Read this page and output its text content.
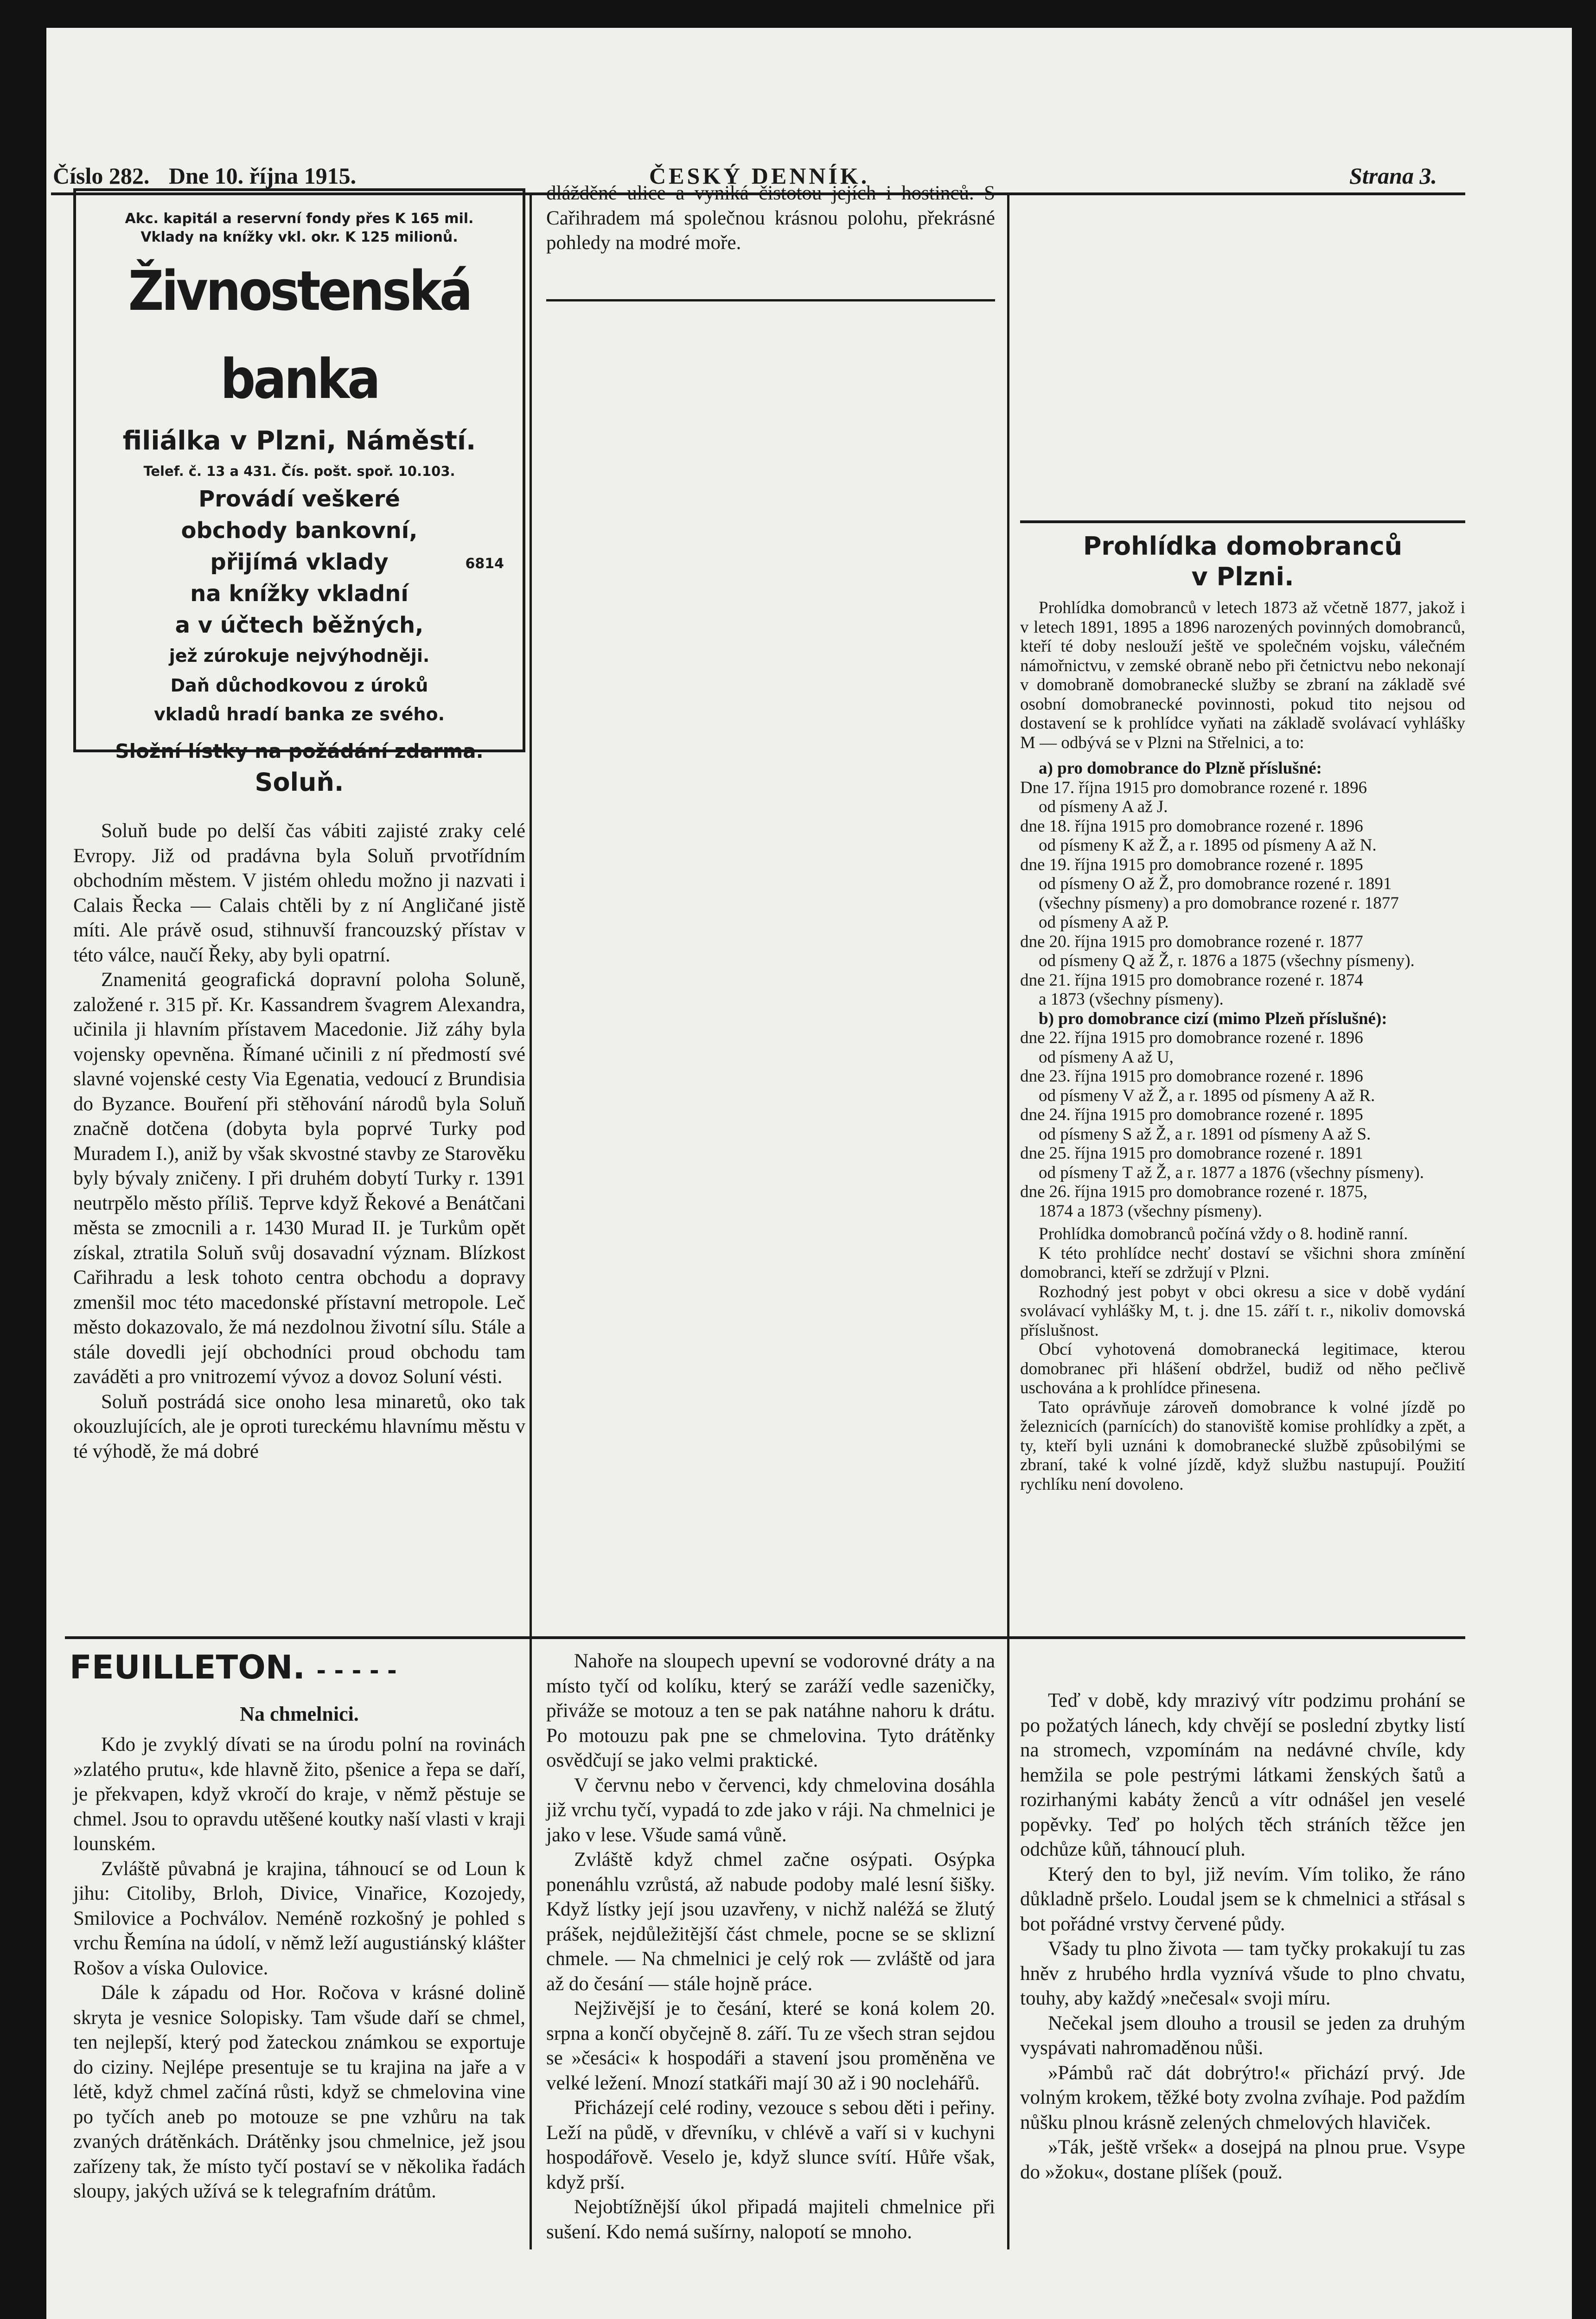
Číslo 282. Dne 10. října 1915.	ČESKÝ DENNÍK.	Strana 3.
Akc. kapitál a reservní fondy přes K 165 mil.
Vklady na knížky vkl. okr. K 125 milionů.
Živnostenská banka
filiálka v Plzni, Náměstí.
Telef. č. 13 a 431. Čís. pošt. spoř. 10.103.
Provádí veškeré
obchody bankovní,
přijímá vklady	6814
na knížky vkladní
a v účtech běžných,
jež zúrokuje nejvýhodněji.
Daň důchodkovou z úroků
vkladů hradí banka ze svého.
Složní lístky na požádání zdarma.
Soluň.

Soluň bude po delší čas vábiti zajisté zraky celé Evropy. Již od pradávna byla Soluň prvotřídním obchodním městem. V jistém ohledu možno ji nazvati i Calais Řecka — Calais chtěli by z ní Angličané jistě míti. Ale právě osud, stihnuvší francouzský přístav v této válce, naučí Řeky, aby byli opatrní.

Znamenitá geografická dopravní poloha Soluně, založené r. 315 př. Kr. Kassandrem švagrem Alexandra, učinila ji hlavním přístavem Macedonie. Již záhy byla vojensky opevněna. Římané učinili z ní předmostí své slavné vojenské cesty Via Egenatia, vedoucí z Brundisia do Byzance. Bouření při stěhování národů byla Soluň značně dotčena (dobyta byla poprvé Turky pod Muradem I.), aniž by však skvostné stavby ze Starověku byly bývaly zničeny. I při druhém dobytí Turky r. 1391 neutrpělo město příliš. Teprve když Řekové a Benátčani města se zmocnili a r. 1430 Murad II. je Turkům opět získal, ztratila Soluň svůj dosavadní význam. Blízkost Cařihradu a lesk tohoto centra obchodu a dopravy zmenšil moc této macedonské přístavní metropole. Leč město dokazovalo, že má nezdolnou životní sílu. Stále a stále dovedli její obchodníci proud obchodu tam zaváděti a pro vnitrozemí vývoz a dovoz Soluní vésti.

Soluň postrádá sice onoho lesa minaretů, oko tak okouzlujících, ale je oproti tureckému hlavnímu městu v té výhodě, že má dobré

dlážděné ulice a vyniká čistotou jejích i hostinců. S Cařihradem má společnou krásnou polohu, překrásné pohledy na modré moře.

Prohlídka domobranců
v Plzni.

Prohlídka domobranců v letech 1873 až včetně 1877, jakož i v letech 1891, 1895 a 1896 narozených povinných domobranců, kteří té doby neslouží ještě ve společném vojsku, válečném námořnictvu, v zemské obraně nebo při četnictvu nebo nekonají v domobraně domobranecké služby se zbraní na základě své osobní domobranecké povinnosti, pokud tito nejsou od dostavení se k prohlídce vyňati na základě svolávací vyhlášky M — odbývá se v Plzni na Střelnici, a to:

a) pro domobrance do Plzně příslušné:

Dne 17. října 1915 pro domobrance rozené r. 1896

od písmeny A až J.

dne 18. října 1915 pro domobrance rozené r. 1896

od písmeny K až Ž, a r. 1895 od písmeny A až N.

dne 19. října 1915 pro domobrance rozené r. 1895

od písmeny O až Ž, pro domobrance rozené r. 1891

(všechny písmeny) a pro domobrance rozené r. 1877

od písmeny A až P.

dne 20. října 1915 pro domobrance rozené r. 1877

od písmeny Q až Ž, r. 1876 a 1875 (všechny písmeny).

dne 21. října 1915 pro domobrance rozené r. 1874

a 1873 (všechny písmeny).

b) pro domobrance cizí (mimo Plzeň příslušné):

dne 22. října 1915 pro domobrance rozené r. 1896

od písmeny A až U,

dne 23. října 1915 pro domobrance rozené r. 1896

od písmeny V až Ž, a r. 1895 od písmeny A až R.

dne 24. října 1915 pro domobrance rozené r. 1895

od písmeny S až Ž, a r. 1891 od písmeny A až S.

dne 25. října 1915 pro domobrance rozené r. 1891

od písmeny T až Ž, a r. 1877 a 1876 (všechny písmeny).

dne 26. října 1915 pro domobrance rozené r. 1875,

1874 a 1873 (všechny písmeny).

Prohlídka domobranců počíná vždy o 8. hodině ranní.

K této prohlídce nechť dostaví se všichni shora zmínění domobranci, kteří se zdržují v Plzni.

Rozhodný jest pobyt v obci okresu a sice v době vydání svolávací vyhlášky M, t. j. dne 15. září t. r., nikoliv domovská příslušnost.

Obcí vyhotovená domobranecká legitimace, kterou domobranec při hlášení obdržel, budiž od něho pečlivě uschována a k prohlídce přinesena.

Tato oprávňuje zároveň domobrance k volné jízdě po železnicích (parnících) do stanoviště komise prohlídky a zpět, a ty, kteří byli uznáni k domobranecké službě způsobilými se zbraní, také k volné jízdě, když službu nastupují. Použití rychlíku není dovoleno.

FEUILLETON. - - - - -
Na chmelnici.

Kdo je zvyklý dívati se na úrodu polní na rovinách »zlatého prutu«, kde hlavně žito, pšenice a řepa se daří, je překvapen, když vkročí do kraje, v němž pěstuje se chmel. Jsou to opravdu utěšené koutky naší vlasti v kraji lounském.

Zvláště půvabná je krajina, táhnoucí se od Loun k jihu: Citoliby, Brloh, Divice, Vinařice, Kozojedy, Smilovice a Pochválov. Neméně rozkošný je pohled s vrchu Řemína na údolí, v němž leží augustiánský klášter Rošov a víska Oulovice.

Dále k západu od Hor. Ročova v krásné dolině skryta je vesnice Solopisky. Tam všude daří se chmel, ten nejlepší, který pod žateckou známkou se exportuje do ciziny. Nejlépe presentuje se tu krajina na jaře a v létě, když chmel začíná růsti, když se chmelovina vine po tyčích aneb po motouze se pne vzhůru na tak zvaných drátěnkách. Drátěnky jsou chmelnice, jež jsou zařízeny tak, že místo tyčí postaví se v několika řadách sloupy, jakých užívá se k telegrafním drátům.

Nahoře na sloupech upevní se vodorovné dráty a na místo tyčí od kolíku, který se zaráží vedle sazeničky, přiváže se motouz a ten se pak natáhne nahoru k drátu. Po motouzu pak pne se chmelovina. Tyto drátěnky osvědčují se jako velmi praktické.

V červnu nebo v červenci, kdy chmelovina dosáhla již vrchu tyčí, vypadá to zde jako v ráji. Na chmelnici je jako v lese. Všude samá vůně.

Zvláště když chmel začne osýpati. Osýpka ponenáhlu vzrůstá, až nabude podoby malé lesní šišky. Když lístky její jsou uzavřeny, v nichž naléžá se žlutý prášek, nejdůležitější část chmele, pocne se se sklizní chmele. — Na chmelnici je celý rok — zvláště od jara až do česání — stále hojně práce.

Nejživější je to česání, které se koná kolem 20. srpna a končí obyčejně 8. září. Tu ze všech stran sejdou se »česáci« k hospodáři a stavení jsou proměněna ve velké ležení. Mnozí statkáři mají 30 až i 90 noclehářů.

Přicházejí celé rodiny, vezouce s sebou děti i peřiny. Leží na půdě, v dřevníku, v chlévě a vaří si v kuchyni hospodářově. Veselo je, když slunce svítí. Hůře však, když prší.

Nejobtížnější úkol připadá majiteli chmelnice při sušení. Kdo nemá sušírny, nalopotí se mnoho.

Teď v době, kdy mrazivý vítr podzimu prohání se po požatých lánech, kdy chvějí se poslední zbytky listí na stromech, vzpomínám na nedávné chvíle, kdy hemžila se pole pestrými látkami ženských šatů a rozirhanými kabáty ženců a vítr odnášel jen veselé popěvky. Teď po holých těch stráních těžce jen odchůze kůň, táhnoucí pluh.

Který den to byl, již nevím. Vím toliko, že ráno důkladně pršelo. Loudal jsem se k chmelnici a střásal s bot pořádné vrstvy červené půdy.

Všady tu plno života — tam tyčky prokakují tu zas hněv z hrubého hrdla vyznívá všude to plno chvatu, touhy, aby každý »nečesal« svoji míru.

Nečekal jsem dlouho a trousil se jeden za druhým vyspávati nahromaděnou nůši.

»Pámbů rač dát dobrýtro!« přichází prvý. Jde volným krokem, těžké boty zvolna zvíhaje. Pod paždím nůšku plnou krásně zelených chmelových hlaviček.

»Ták, ještě vršek« a dosejpá na plnou prue. Vsype do »žoku«, dostane plíšek (použ.
